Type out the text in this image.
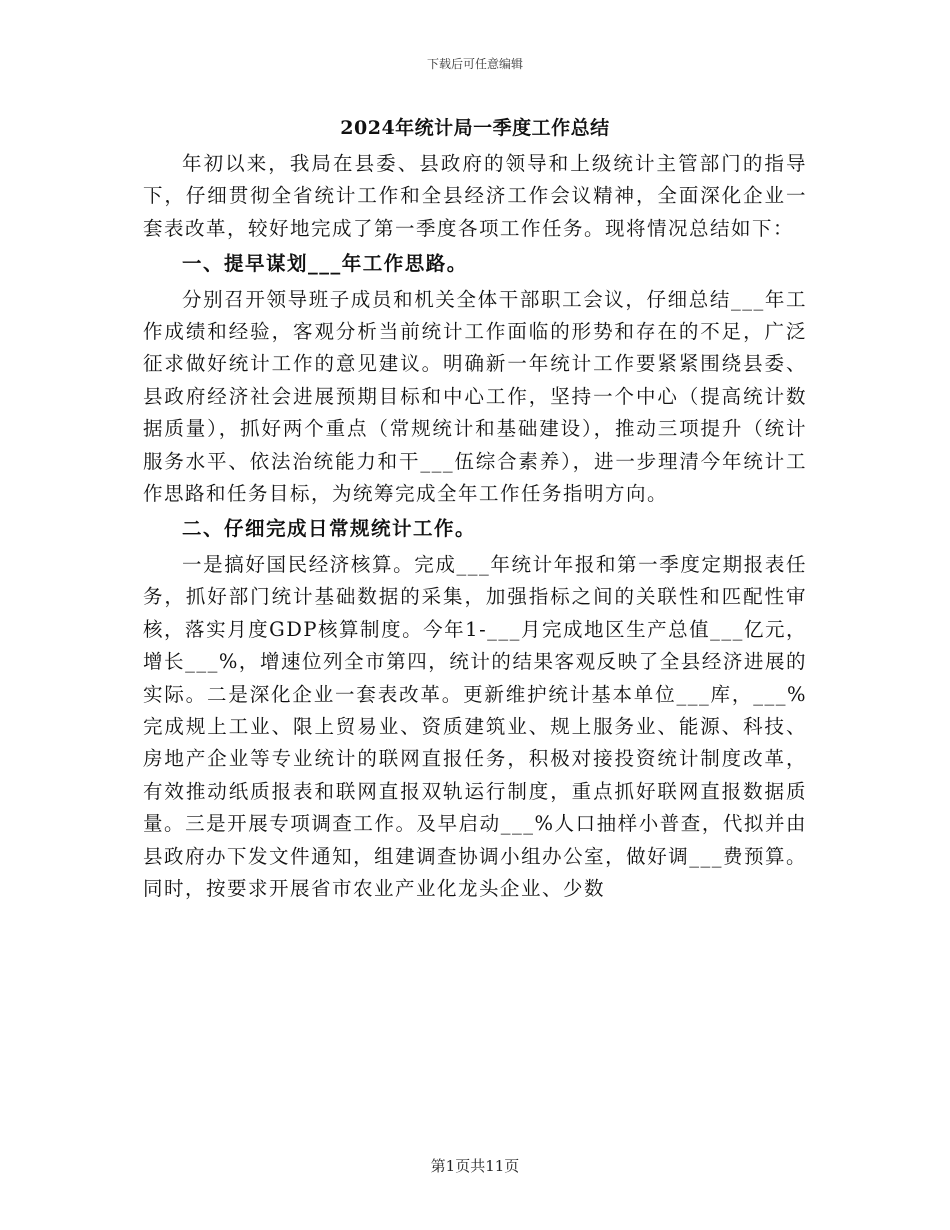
下载后可任意编辑
2024年统计局一季度工作总结

年初以来，我局在县委、县政府的领导和上级统计主管部门的指导下，仔细贯彻全省统计工作和全县经济工作会议精神，全面深化企业一套表改革，较好地完成了第一季度各项工作任务。现将情况总结如下：

一、提早谋划___年工作思路。

分别召开领导班子成员和机关全体干部职工会议，仔细总结___年工作成绩和经验，客观分析当前统计工作面临的形势和存在的不足，广泛征求做好统计工作的意见建议。明确新一年统计工作要紧紧围绕县委、县政府经济社会进展预期目标和中心工作，坚持一个中心（提高统计数据质量），抓好两个重点（常规统计和基础建设），推动三项提升（统计服务水平、依法治统能力和干___伍综合素养），进一步理清今年统计工作思路和任务目标，为统筹完成全年工作任务指明方向。

二、仔细完成日常规统计工作。

一是搞好国民经济核算。完成___年统计年报和第一季度定期报表任务，抓好部门统计基础数据的采集，加强指标之间的关联性和匹配性审核，落实月度GDP核算制度。今年1-___月完成地区生产总值___亿元，增长___%，增速位列全市第四，统计的结果客观反映了全县经济进展的实际。二是深化企业一套表改革。更新维护统计基本单位___库，___%完成规上工业、限上贸易业、资质建筑业、规上服务业、能源、科技、房地产企业等专业统计的联网直报任务，积极对接投资统计制度改革，有效推动纸质报表和联网直报双轨运行制度，重点抓好联网直报数据质量。三是开展专项调查工作。及早启动___%人口抽样小普查，代拟并由县政府办下发文件通知，组建调查协调小组办公室，做好调___费预算。同时，按要求开展省市农业产业化龙头企业、少数

第1页共11页
